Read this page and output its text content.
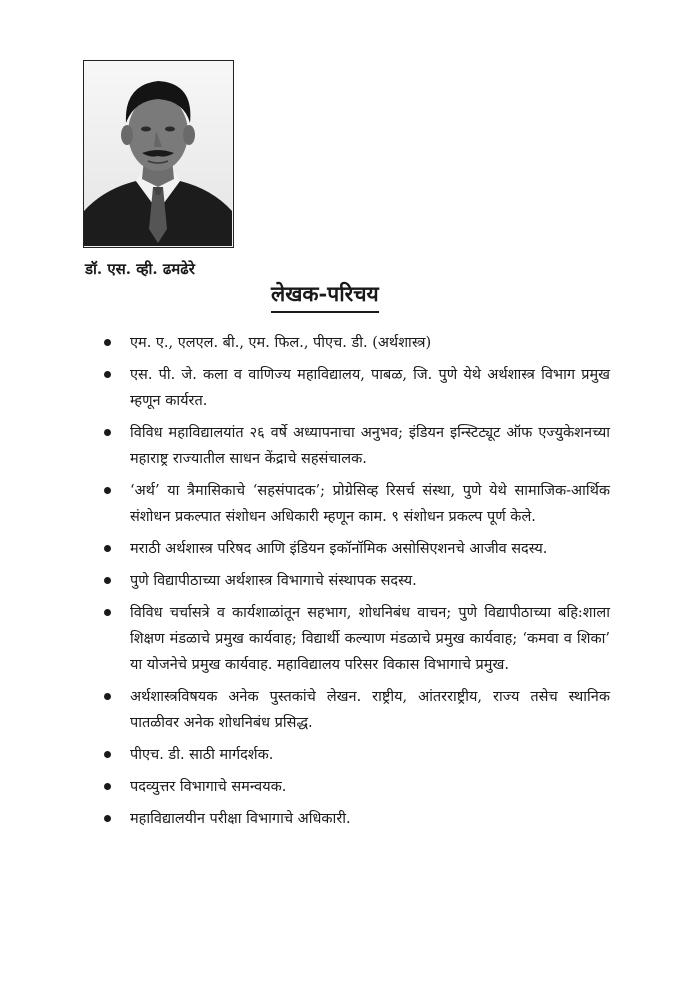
डॉ. एस. व्ही. ढमढेरे
लेखक-परिचय
एम. ए., एलएल. बी., एम. फिल., पीएच. डी. (अर्थशास्त्र)
एस. पी. जे. कला व वाणिज्य महाविद्यालय, पाबळ, जि. पुणे येथे अर्थशास्त्र विभाग प्रमुख म्हणून कार्यरत.
विविध महाविद्यालयांत २६ वर्षे अध्यापनाचा अनुभव; इंडियन इन्स्टिट्यूट ऑफ एज्युकेशनच्या महाराष्ट्र राज्यातील साधन केंद्राचे सहसंचालक.
‘अर्थ’ या त्रैमासिकाचे ‘सहसंपादक’; प्रोग्रेसिव्ह रिसर्च संस्था, पुणे येथे सामाजिक-आर्थिक संशोधन प्रकल्पात संशोधन अधिकारी म्हणून काम. ९ संशोधन प्रकल्प पूर्ण केले.
मराठी अर्थशास्त्र परिषद आणि इंडियन इकॉनॉमिक असोसिएशनचे आजीव सदस्य.
पुणे विद्यापीठाच्या अर्थशास्त्र विभागाचे संस्थापक सदस्य.
विविध चर्चासत्रे व कार्यशाळांतून सहभाग, शोधनिबंध वाचन; पुणे विद्यापीठाच्या बहि:शाला शिक्षण मंडळाचे प्रमुख कार्यवाह; विद्यार्थी कल्याण मंडळाचे प्रमुख कार्यवाह; ‘कमवा व शिका’ या योजनेचे प्रमुख कार्यवाह. महाविद्यालय परिसर विकास विभागाचे प्रमुख.
अर्थशास्त्रविषयक अनेक पुस्तकांचे लेखन. राष्ट्रीय, आंतरराष्ट्रीय, राज्य तसेच स्थानिक पातळीवर अनेक शोधनिबंध प्रसिद्ध.
पीएच. डी. साठी मार्गदर्शक.
पदव्युत्तर विभागाचे समन्वयक.
महाविद्यालयीन परीक्षा विभागाचे अधिकारी.
